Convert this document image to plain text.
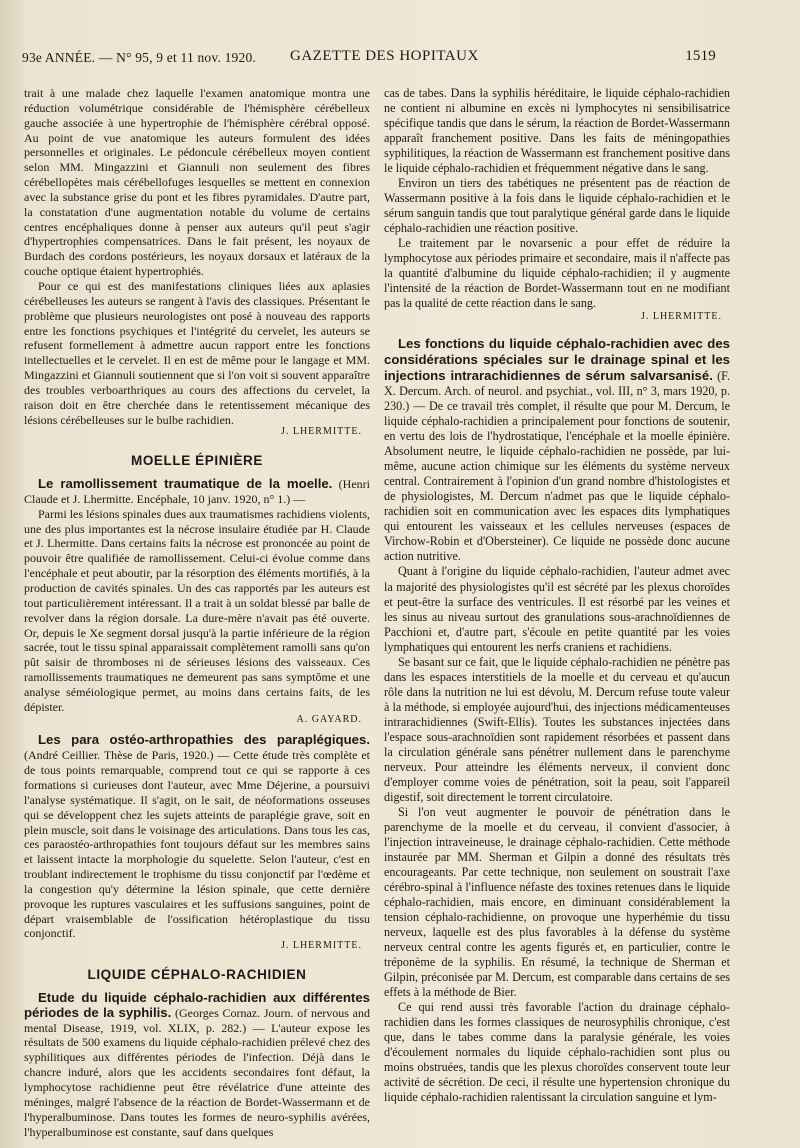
93e ANNÉE. — N° 95, 9 et 11 nov. 1920. GAZETTE DES HOPITAUX	1519

trait à une malade chez laquelle l'examen anatomique montra une réduction volumétrique considérable de l'hémisphère cérébelleux gauche associée à une hypertrophie de l'hémisphère cérébral opposé. Au point de vue anatomique les auteurs formulent des idées personnelles et originales. Le pédoncule cérébelleux moyen contient selon MM. Mingazzini et Giannuli non seulement des fibres cérébellopètes mais cérébellofuges lesquelles se mettent en connexion avec la substance grise du pont et les fibres pyramidales. D'autre part, la constatation d'une augmentation notable du volume de certains centres encéphaliques donne à penser aux auteurs qu'il peut s'agir d'hypertrophies compensatrices. Dans le fait présent, les noyaux de Burdach des cordons postérieurs, les noyaux dorsaux et latéraux de la couche optique étaient hypertrophiés.

Pour ce qui est des manifestations cliniques liées aux aplasies cérébelleuses les auteurs se rangent à l'avis des classiques. Présentant le problème que plusieurs neurologistes ont posé à nouveau des rapports entre les fonctions psychiques et l'intégrité du cervelet, les auteurs se refusent formellement à admettre aucun rapport entre les fonctions intellectuelles et le cervelet. Il en est de même pour le langage et MM. Mingazzini et Giannuli soutiennent que si l'on voit si souvent apparaître des troubles verboarthriques au cours des affections du cervelet, la raison doit en être cherchée dans le retentissement mécanique des lésions cérébelleuses sur le bulbe rachidien.

J. LHERMITTE.
MOELLE ÉPINIÈRE

Le ramollissement traumatique de la moelle. (Henri Claude et J. Lhermitte. Encéphale, 10 janv. 1920, n° 1.) —

Parmi les lésions spinales dues aux traumatismes rachidiens violents, une des plus importantes est la nécrose insulaire étudiée par H. Claude et J. Lhermitte. Dans certains faits la nécrose est prononcée au point de pouvoir être qualifiée de ramollissement. Celui-ci évolue comme dans l'encéphale et peut aboutir, par la résorption des éléments mortifiés, à la production de cavités spinales. Un des cas rapportés par les auteurs est tout particulièrement intéressant. Il a trait à un soldat blessé par balle de revolver dans la région dorsale. La dure-mère n'avait pas été ouverte. Or, depuis le Xe segment dorsal jusqu'à la partie inférieure de la région sacrée, tout le tissu spinal apparaissait complètement ramolli sans qu'on pût saisir de thromboses ni de sérieuses lésions des vaisseaux. Ces ramollissements traumatiques ne demeurent pas sans symptôme et une analyse séméiologique permet, au moins dans certains faits, de les dépister.

A. GAYARD.

Les para ostéo-arthropathies des paraplégiques. (André Ceillier. Thèse de Paris, 1920.) — Cette étude très complète et de tous points remarquable, comprend tout ce qui se rapporte à ces formations si curieuses dont l'auteur, avec Mme Déjerine, a poursuivi l'analyse systématique. Il s'agit, on le sait, de néoformations osseuses qui se développent chez les sujets atteints de paraplégie grave, soit en plein muscle, soit dans le voisinage des articulations. Dans tous les cas, ces paraostéo-arthropathies font toujours défaut sur les membres sains et laissent intacte la morphologie du squelette. Selon l'auteur, c'est en troublant indirectement le trophisme du tissu conjonctif par l'œdème et la congestion qu'y détermine la lésion spinale, que cette dernière provoque les ruptures vasculaires et les suffusions sanguines, point de départ vraisemblable de l'ossification hétéroplastique du tissu conjonctif.

J. LHERMITTE.
LIQUIDE CÉPHALO-RACHIDIEN

Etude du liquide céphalo-rachidien aux différentes périodes de la syphilis. (Georges Cornaz. Journ. of nervous and mental Disease, 1919, vol. XLIX, p. 282.) — L'auteur expose les résultats de 500 examens du liquide céphalo-rachidien prélevé chez des syphilitiques aux différentes périodes de l'infection. Déjà dans le chancre induré, alors que les accidents secondaires font défaut, la lymphocytose rachidienne peut être révélatrice d'une atteinte des méninges, malgré l'absence de la réaction de Bordet-Wassermann et de l'hyperalbuminose. Dans toutes les formes de neuro-syphilis avérées, l'hyperalbuminose est constante, sauf dans quelques

cas de tabes. Dans la syphilis héréditaire, le liquide céphalo-rachidien ne contient ni albumine en excès ni lymphocytes ni sensibilisatrice spécifique tandis que dans le sérum, la réaction de Bordet-Wassermann apparaît franchement positive. Dans les faits de méningopathies syphilitiques, la réaction de Wassermann est franchement positive dans le liquide céphalo-rachidien et fréquemment négative dans le sang.

Environ un tiers des tabétiques ne présentent pas de réaction de Wassermann positive à la fois dans le liquide céphalo-rachidien et le sérum sanguin tandis que tout paralytique général garde dans le liquide céphalo-rachidien une réaction positive.

Le traitement par le novarsenic a pour effet de réduire la lymphocytose aux périodes primaire et secondaire, mais il n'affecte pas la quantité d'albumine du liquide céphalo-rachidien; il y augmente l'intensité de la réaction de Bordet-Wassermann tout en ne modifiant pas la qualité de cette réaction dans le sang.

J. LHERMITTE.

Les fonctions du liquide céphalo-rachidien avec des considérations spéciales sur le drainage spinal et les injections intrarachidiennes de sérum salvarsanisé. (F. X. Dercum. Arch. of neurol. and psychiat., vol. III, n° 3, mars 1920, p. 230.) — De ce travail très complet, il résulte que pour M. Dercum, le liquide céphalo-rachidien a principalement pour fonctions de soutenir, en vertu des lois de l'hydrostatique, l'encéphale et la moelle épinière. Absolument neutre, le liquide céphalo-rachidien ne possède, par lui-même, aucune action chimique sur les éléments du système nerveux central. Contrairement à l'opinion d'un grand nombre d'histologistes et de physiologistes, M. Dercum n'admet pas que le liquide céphalo-rachidien soit en communication avec les espaces dits lymphatiques qui entourent les vaisseaux et les cellules nerveuses (espaces de Virchow-Robin et d'Obersteiner). Ce liquide ne possède donc aucune action nutritive.

Quant à l'origine du liquide céphalo-rachidien, l'auteur admet avec la majorité des physiologistes qu'il est sécrété par les plexus choroïdes et peut-être la surface des ventricules. Il est résorbé par les veines et les sinus au niveau surtout des granulations sous-arachnoïdiennes de Pacchioni et, d'autre part, s'écoule en petite quantité par les voies lymphatiques qui entourent les nerfs craniens et rachidiens.

Se basant sur ce fait, que le liquide céphalo-rachidien ne pénètre pas dans les espaces interstitiels de la moelle et du cerveau et qu'aucun rôle dans la nutrition ne lui est dévolu, M. Dercum refuse toute valeur à la méthode, si employée aujourd'hui, des injections médicamenteuses intrarachidiennes (Swift-Ellis). Toutes les substances injectées dans l'espace sous-arachnoïdien sont rapidement résorbées et passent dans la circulation générale sans pénétrer nullement dans le parenchyme nerveux. Pour atteindre les éléments nerveux, il convient donc d'employer comme voies de pénétration, soit la peau, soit l'appareil digestif, soit directement le torrent circulatoire.

Si l'on veut augmenter le pouvoir de pénétration dans le parenchyme de la moelle et du cerveau, il convient d'associer, à l'injection intraveineuse, le drainage céphalo-rachidien. Cette méthode instaurée par MM. Sherman et Gilpin a donné des résultats très encourageants. Par cette technique, non seulement on soustrait l'axe cérébro-spinal à l'influence néfaste des toxines retenues dans le liquide céphalo-rachidien, mais encore, en diminuant considérablement la tension céphalo-rachidienne, on provoque une hyperhémie du tissu nerveux, laquelle est des plus favorables à la défense du système nerveux central contre les agents figurés et, en particulier, contre le tréponème de la syphilis. En résumé, la technique de Sherman et Gilpin, préconisée par M. Dercum, est comparable dans certains de ses effets à la méthode de Bier.

Ce qui rend aussi très favorable l'action du drainage céphalo-rachidien dans les formes classiques de neurosyphilis chronique, c'est que, dans le tabes comme dans la paralysie générale, les voies d'écoulement normales du liquide céphalo-rachidien sont plus ou moins obstruées, tandis que les plexus choroïdes conservent toute leur activité de sécrétion. De ceci, il résulte une hypertension chronique du liquide céphalo-rachidien ralentissant la circulation sanguine et lym-
